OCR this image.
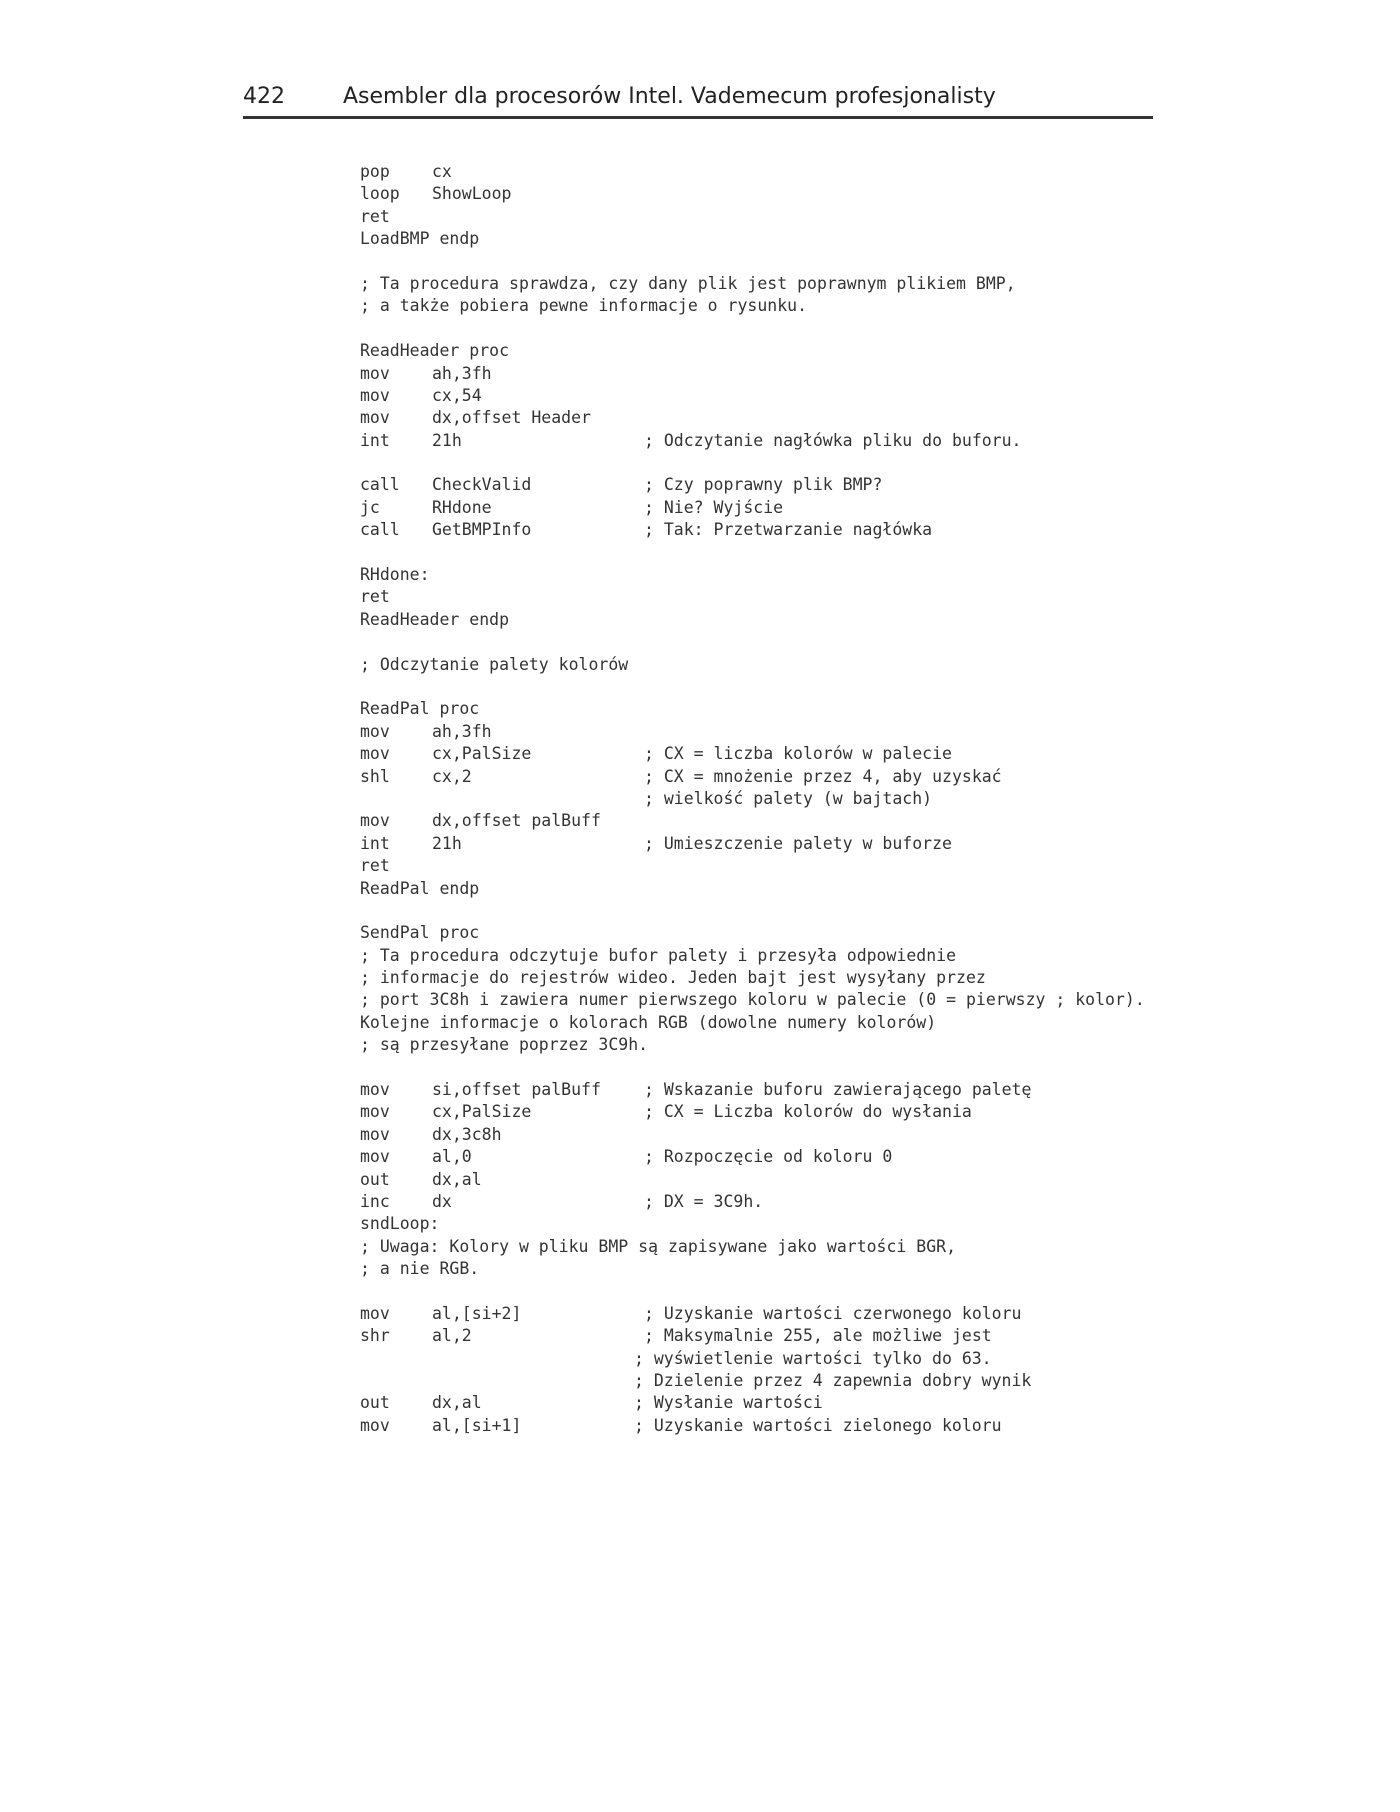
422	Asembler dla procesorów Intel. Vademecum profesjonalisty
pop	cx
loop ShowLoop
ret
LoadBMP endp
; Ta procedura sprawdza, czy dany plik jest poprawnym plikiem BMP,
; a także pobiera pewne informacje o rysunku.
ReadHeader proc
mov	ah,3fh
mov	cx,54
mov	dx,offset Header
int	21h	; Odczytanie nagłówka pliku do buforu.
call CheckValid	; Czy poprawny plik BMP?
jc	RHdone	; Nie? Wyjście
call GetBMPInfo	; Tak: Przetwarzanie nagłówka
RHdone:
ret
ReadHeader endp
; Odczytanie palety kolorów
ReadPal proc
mov	ah,3fh
mov	cx,PalSize	; CX = liczba kolorów w palecie
shl	cx,2	; CX = mnożenie przez 4, aby uzyskać
; wielkość palety (w bajtach)
mov	dx,offset palBuff
int	21h	; Umieszczenie palety w buforze
ret
ReadPal endp
SendPal proc
; Ta procedura odczytuje bufor palety i przesyła odpowiednie
; informacje do rejestrów wideo. Jeden bajt jest wysyłany przez
; port 3C8h i zawiera numer pierwszego koloru w palecie (0 = pierwszy ; kolor).
Kolejne informacje o kolorach RGB (dowolne numery kolorów)
; są przesyłane poprzez 3C9h.
mov	si,offset palBuff	; Wskazanie buforu zawierającego paletę
mov	cx,PalSize	; CX = Liczba kolorów do wysłania
mov	dx,3c8h
mov	al,0	; Rozpoczęcie od koloru 0
out	dx,al
inc	dx	; DX = 3C9h.
sndLoop:
; Uwaga: Kolory w pliku BMP są zapisywane jako wartości BGR,
; a nie RGB.
mov	al,[si+2]	; Uzyskanie wartości czerwonego koloru
shr	al,2	; Maksymalnie 255, ale możliwe jest
; wyświetlenie wartości tylko do 63.
; Dzielenie przez 4 zapewnia dobry wynik
out	dx,al	; Wysłanie wartości
mov	al,[si+1]	; Uzyskanie wartości zielonego koloru
